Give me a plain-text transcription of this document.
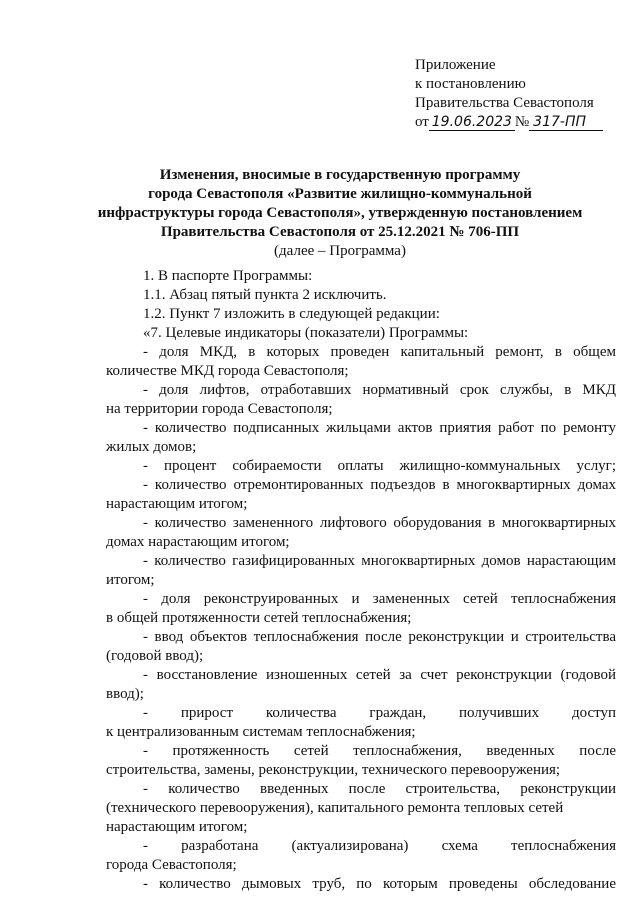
Приложение
к постановлению
Правительства Севастополя
от 19.06.2023 № 317-ПП
Изменения, вносимые в государственную программу
города Севастополя «Развитие жилищно-коммунальной
инфраструктуры города Севастополя», утвержденную постановлением
Правительства Севастополя от 25.12.2021 № 706-ПП
(далее – Программа)

1. В паспорте Программы:

1.1. Абзац пятый пункта 2 исключить.

1.2. Пункт 7 изложить в следующей редакции:

«7. Целевые индикаторы (показатели) Программы:

- доля МКД, в которых проведен капитальный ремонт, в общем
количестве МКД города Севастополя;
- доля лифтов, отработавших нормативный срок службы, в МКД
на территории города Севастополя;
- количество подписанных жильцами актов приятия работ по ремонту
жилых домов;
- процент собираемости оплаты жилищно-коммунальных услуг;
- количество отремонтированных подъездов в многоквартирных домах
нарастающим итогом;
- количество замененного лифтового оборудования в многоквартирных
домах нарастающим итогом;
- количество газифицированных многоквартирных домов нарастающим
итогом;
- доля реконструированных и замененных сетей теплоснабжения
в общей протяженности сетей теплоснабжения;
- ввод объектов теплоснабжения после реконструкции и строительства
(годовой ввод);
- восстановление изношенных сетей за счет реконструкции (годовой
ввод);
- прирост количества граждан, получивших доступ
к централизованным системам теплоснабжения;
- протяженность сетей теплоснабжения, введенных после
строительства, замены, реконструкции, технического перевооружения;
- количество введенных после строительства, реконструкции
(технического перевооружения), капитального ремонта тепловых сетей
нарастающим итогом;
- разработана (актуализирована) схема теплоснабжения
города Севастополя;
- количество дымовых труб, по которым проведены обследование
